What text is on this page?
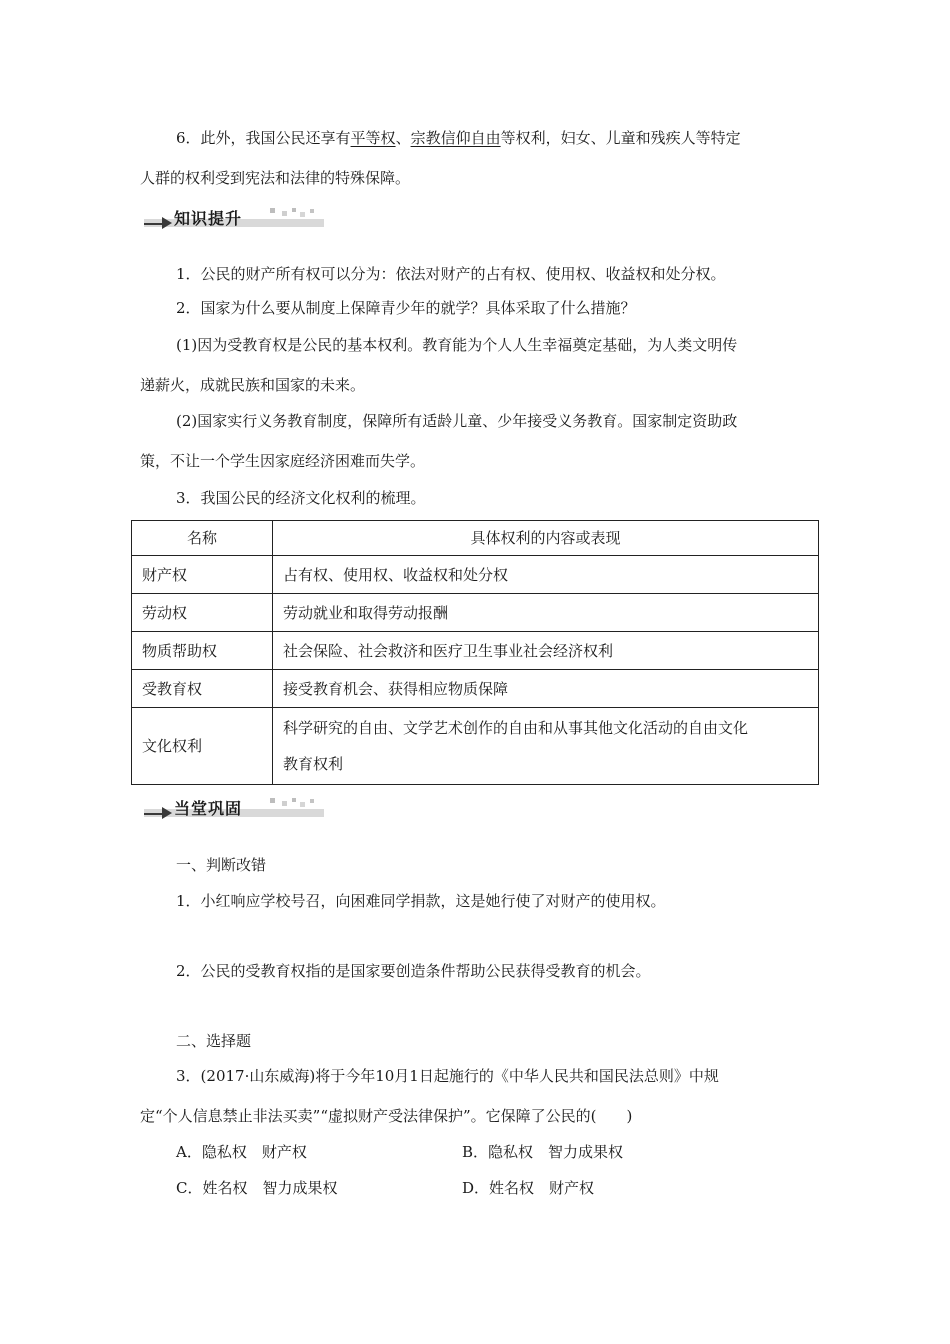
6．此外，我国公民还享有平等权、宗教信仰自由等权利，妇女、儿童和残疾人等特定
人群的权利受到宪法和法律的特殊保障。
知识提升
1．公民的财产所有权可以分为：依法对财产的占有权、使用权、收益权和处分权。
2．国家为什么要从制度上保障青少年的就学？具体采取了什么措施？
(1)因为受教育权是公民的基本权利。教育能为个人人生幸福奠定基础，为人类文明传
递薪火，成就民族和国家的未来。
(2)国家实行义务教育制度，保障所有适龄儿童、少年接受义务教育。国家制定资助政
策，不让一个学生因家庭经济困难而失学。
3．我国公民的经济文化权利的梳理。
名称	具体权利的内容或表现
财产权	占有权、使用权、收益权和处分权
劳动权	劳动就业和取得劳动报酬
物质帮助权	社会保险、社会救济和医疗卫生事业社会经济权利
受教育权	接受教育机会、获得相应物质保障
文化权利	科学研究的自由、文学艺术创作的自由和从事其他文化活动的自由文化
教育权利
当堂巩固
一、判断改错
1．小红响应学校号召，向困难同学捐款，这是她行使了对财产的使用权。
2．公民的受教育权指的是国家要创造条件帮助公民获得受教育的机会。
二、选择题
3．(2017·山东威海)将于今年10月1日起施行的《中华人民共和国民法总则》中规
定“个人信息禁止非法买卖”“虚拟财产受法律保护”。它保障了公民的(　　)
A．隐私权　财产权	B．隐私权　智力成果权
C．姓名权　智力成果权	D．姓名权　财产权
